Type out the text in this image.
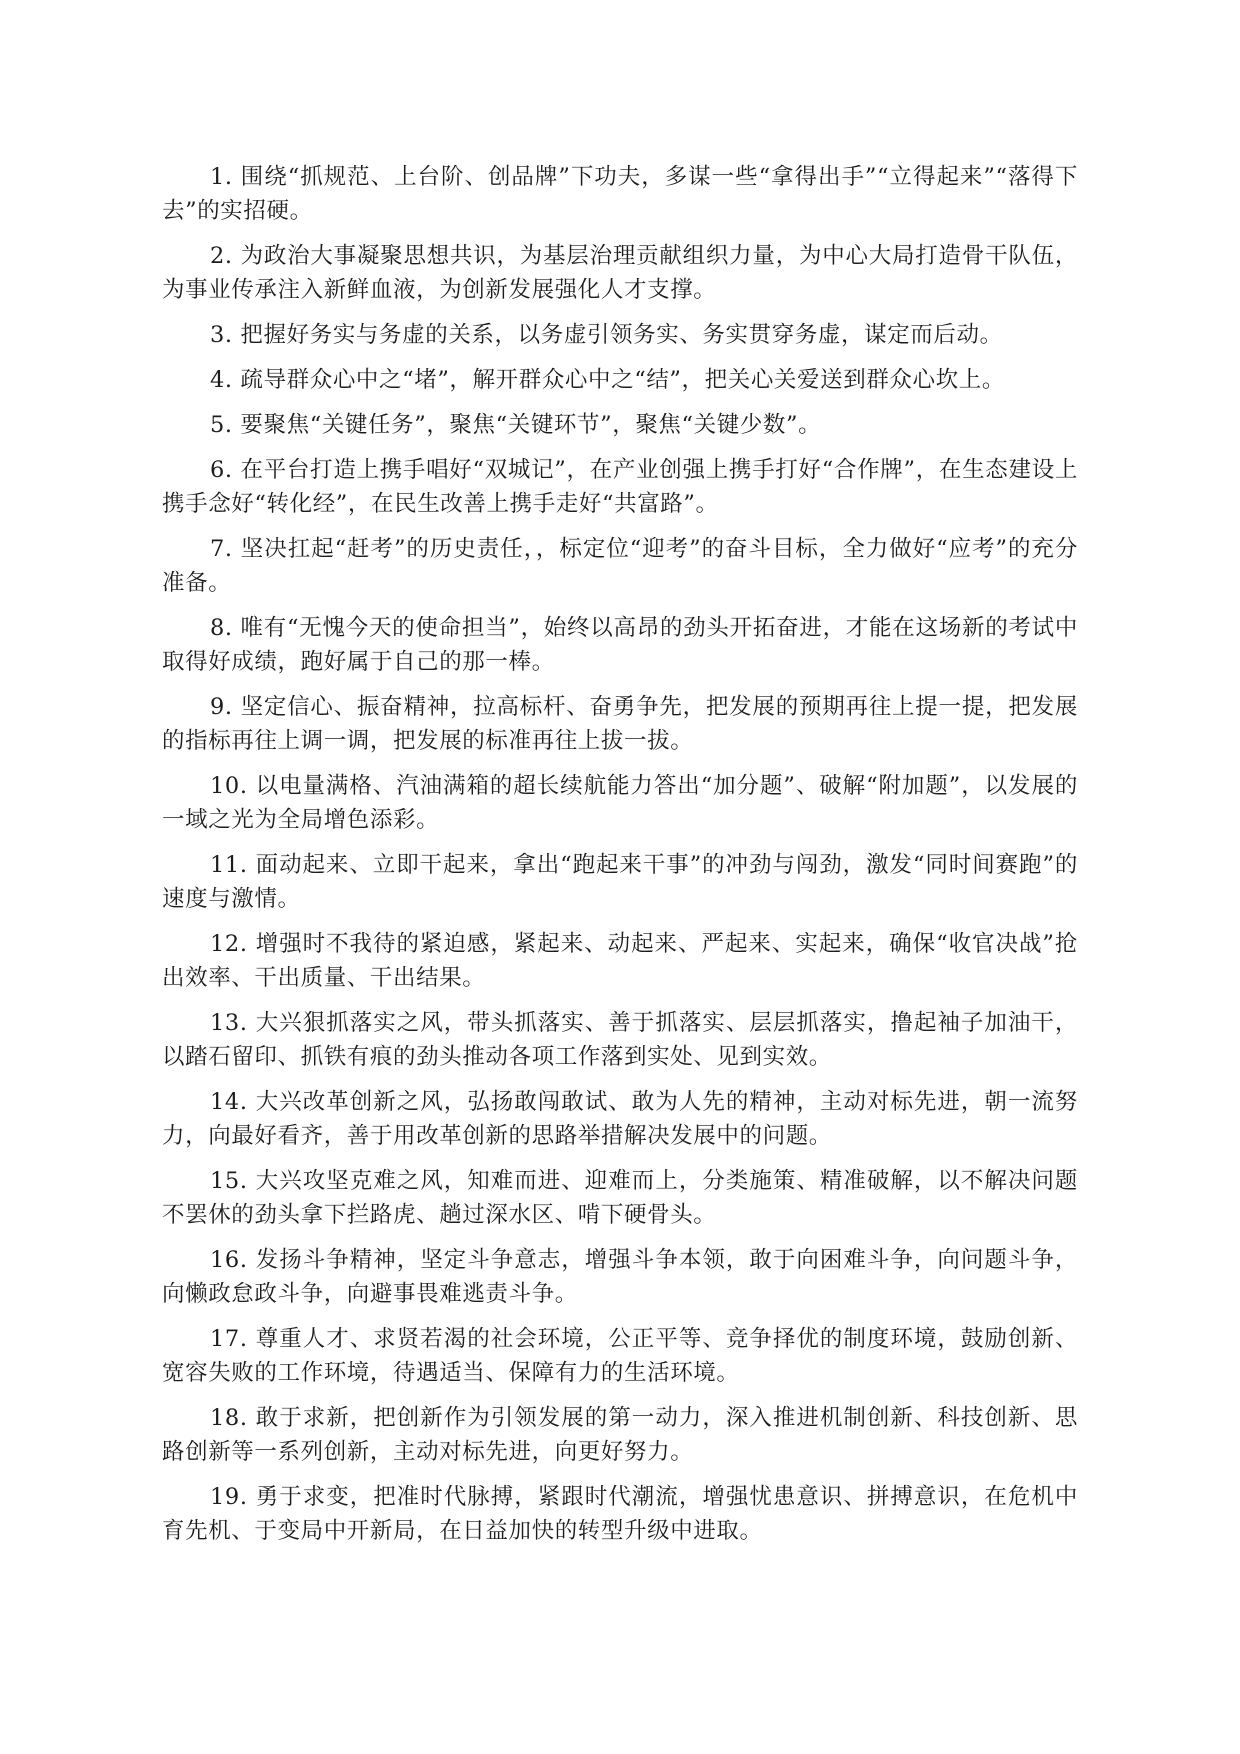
1. 围绕“抓规范、上台阶、创品牌”下功夫，多谋一些“拿得出手”“立得起来”“落得下去”的实招硬。

2. 为政治大事凝聚思想共识，为基层治理贡献组织力量，为中心大局打造骨干队伍，为事业传承注入新鲜血液，为创新发展强化人才支撑。

3. 把握好务实与务虚的关系，以务虚引领务实、务实贯穿务虚，谋定而后动。

4. 疏导群众心中之“堵”，解开群众心中之“结”，把关心关爱送到群众心坎上。

5. 要聚焦“关键任务”，聚焦“关键环节”，聚焦“关键少数”。

6. 在平台打造上携手唱好“双城记”，在产业创强上携手打好“合作牌”，在生态建设上携手念好“转化经”，在民生改善上携手走好“共富路”。

7. 坚决扛起“赶考”的历史责任，，标定位“迎考”的奋斗目标，全力做好“应考”的充分准备。

8. 唯有“无愧今天的使命担当”，始终以高昂的劲头开拓奋进，才能在这场新的考试中取得好成绩，跑好属于自己的那一棒。

9. 坚定信心、振奋精神，拉高标杆、奋勇争先，把发展的预期再往上提一提，把发展的指标再往上调一调，把发展的标准再往上拔一拔。

10. 以电量满格、汽油满箱的超长续航能力答出“加分题”、破解“附加题”，以发展的一域之光为全局增色添彩。

11. 面动起来、立即干起来，拿出“跑起来干事”的冲劲与闯劲，激发“同时间赛跑”的速度与激情。

12. 增强时不我待的紧迫感，紧起来、动起来、严起来、实起来，确保“收官决战”抢出效率、干出质量、干出结果。

13. 大兴狠抓落实之风，带头抓落实、善于抓落实、层层抓落实，撸起袖子加油干，以踏石留印、抓铁有痕的劲头推动各项工作落到实处、见到实效。

14. 大兴改革创新之风，弘扬敢闯敢试、敢为人先的精神，主动对标先进，朝一流努力，向最好看齐，善于用改革创新的思路举措解决发展中的问题。

15. 大兴攻坚克难之风，知难而进、迎难而上，分类施策、精准破解，以不解决问题不罢休的劲头拿下拦路虎、趟过深水区、啃下硬骨头。

16. 发扬斗争精神，坚定斗争意志，增强斗争本领，敢于向困难斗争，向问题斗争，向懒政怠政斗争，向避事畏难逃责斗争。

17. 尊重人才、求贤若渴的社会环境，公正平等、竞争择优的制度环境，鼓励创新、宽容失败的工作环境，待遇适当、保障有力的生活环境。

18. 敢于求新，把创新作为引领发展的第一动力，深入推进机制创新、科技创新、思路创新等一系列创新，主动对标先进，向更好努力。

19. 勇于求变，把准时代脉搏，紧跟时代潮流，增强忧患意识、拼搏意识，在危机中育先机、于变局中开新局，在日益加快的转型升级中进取。
